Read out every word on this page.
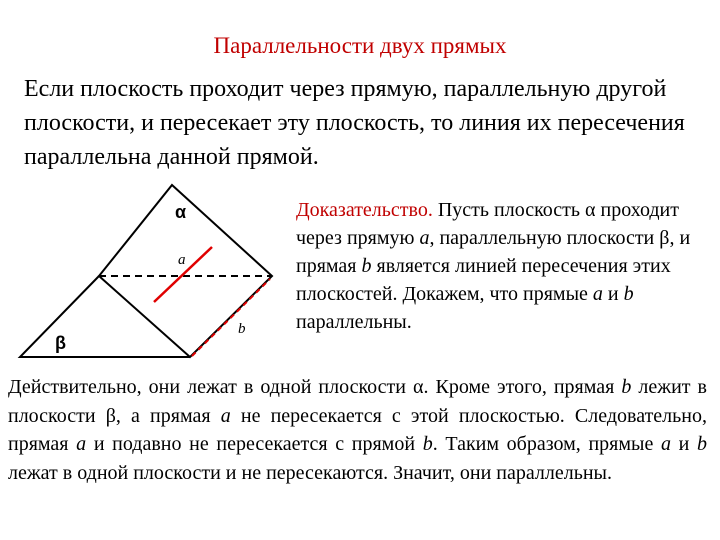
Параллельности двух прямых
Если плоскость проходит через прямую, параллельную другой плоскости, и пересекает эту плоскость, то линия их пересечения параллельна данной прямой.
α
β
a
b
Доказательство. Пусть плоскость α проходит через прямую a, параллельную плоскости β, и прямая b является линией пересечения этих плоскостей. Докажем, что прямые a и b параллельны.
Действительно, они лежат в одной плоскости α. Кроме этого, прямая b лежит в плоскости β, а прямая a не пересекается с этой плоскостью. Следовательно, прямая a и подавно не пересекается с прямой b. Таким образом, прямые a и b лежат в одной плоскости и не пересекаются. Значит, они параллельны.
